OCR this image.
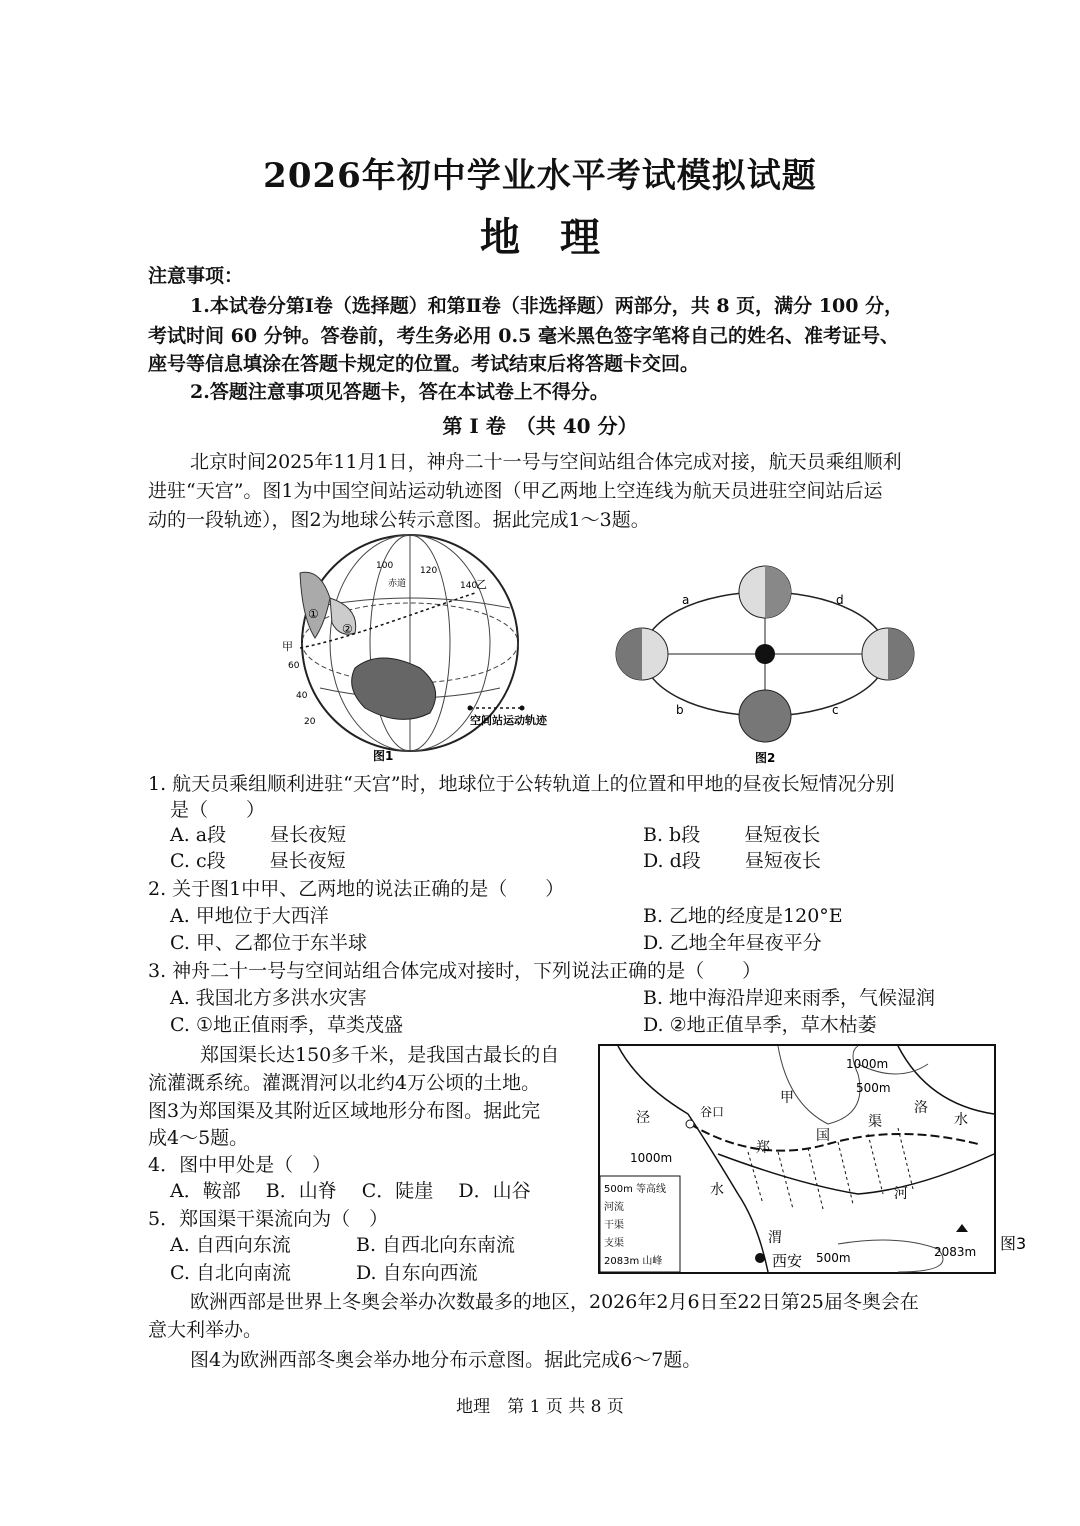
2026年初中学业水平考试模拟试题
地理
注意事项：
1.本试卷分第Ⅰ卷（选择题）和第Ⅱ卷（非选择题）两部分，共 8 页，满分 100 分，
考试时间 60 分钟。答卷前，考生务必用 0.5 毫米黑色签字笔将自己的姓名、准考证号、
座号等信息填涂在答题卡规定的位置。考试结束后将答题卡交回。
2.答题注意事项见答题卡，答在本试卷上不得分。
第 Ⅰ 卷　（共 40 分）
北京时间2025年11月1日，神舟二十一号与空间站组合体完成对接，航天员乘组顺利
进驻“天宫”。图1为中国空间站运动轨迹图（甲乙两地上空连线为航天员进驻空间站后运
动的一段轨迹），图2为地球公转示意图。据此完成1～3题。
100	120
140
60
40
20
赤道
甲
乙
①
②
空间站运动轨迹
图1
a	d
b	c
图2
1. 航天员乘组顺利进驻“天宫”时，地球位于公转轨道上的位置和甲地的昼夜长短情况分别
是（　　）
A. a段　　 昼长夜短	B. b段　　 昼短夜长
C. c段　　 昼长夜短	D. d段　　 昼短夜长
2. 关于图1中甲、乙两地的说法正确的是（　　）
A. 甲地位于大西洋	B. 乙地的经度是120°E
C. 甲、乙都位于东半球	D. 乙地全年昼夜平分
3. 神舟二十一号与空间站组合体完成对接时，下列说法正确的是（　　）
A. 我国北方多洪水灾害	B. 地中海沿岸迎来雨季，气候湿润
C. ①地正值雨季，草类茂盛	D. ②地正值旱季，草木枯萎
郑国渠长达150多千米，是我国古最长的自
流灌溉系统。灌溉渭河以北约4万公顷的土地。
图3为郑国渠及其附近区域地形分布图。据此完
成4～5题。
4．图中甲处是（　）
A．鞍部　 B．山脊　 C．陡崖　 D．山谷
5．郑国渠干渠流向为（　）
A. 自西向东流	B. 自西北向东南流
C. 自北向南流	D. 自东向西流
1000m
500m
泾	谷口
甲
郑
国
渠
洛
水
河
渭
水
1000m
西安 500m	2083m
500m 等高线
河流
干渠
支渠
2083m 山峰
图3
欧洲西部是世界上冬奥会举办次数最多的地区，2026年2月6日至22日第25届冬奥会在
意大利举办。
图4为欧洲西部冬奥会举办地分布示意图。据此完成6～7题。
地理　第 1 页 共 8 页
